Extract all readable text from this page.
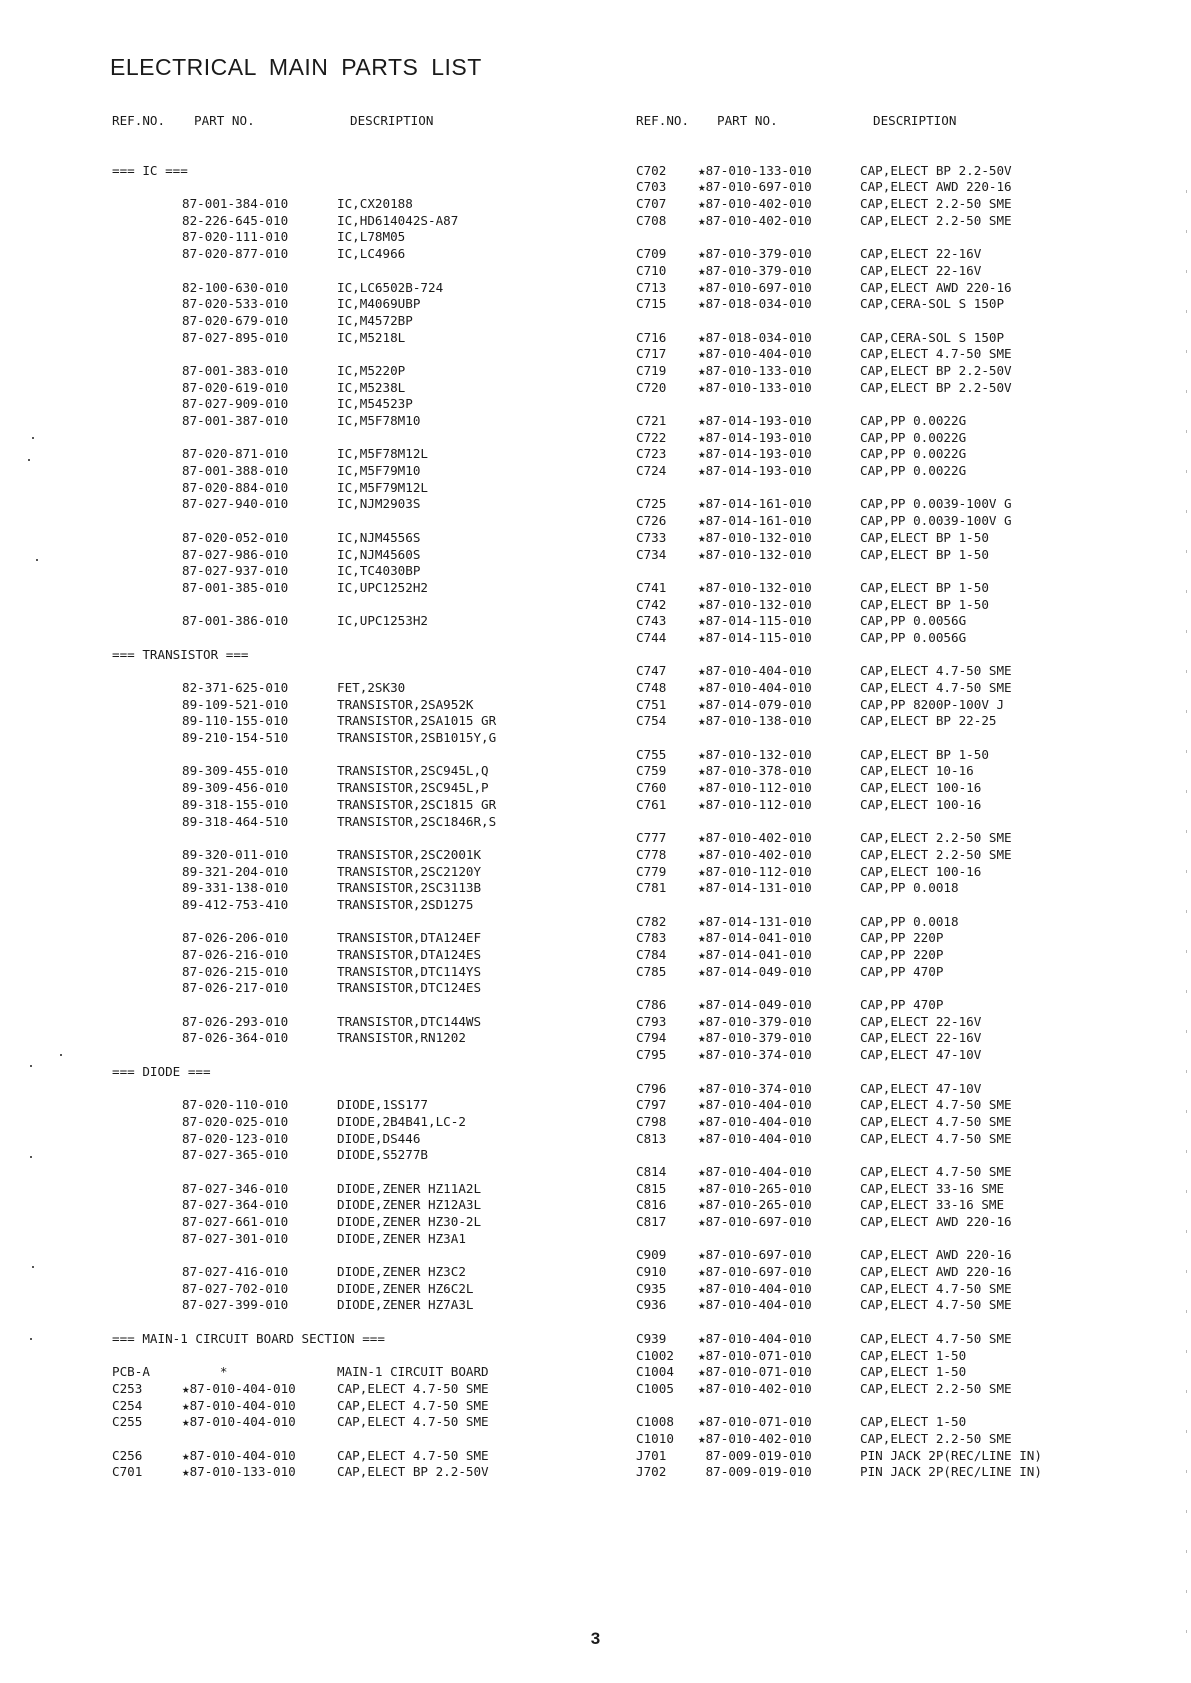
ELECTRICAL MAIN PARTS LIST
REF.NO. PART NO.	DESCRIPTION
=== IC ===
87-001-384-010	IC,CX20188
82-226-645-010	IC,HD614042S-A87
87-020-111-010	IC,L78M05
87-020-877-010	IC,LC4966
82-100-630-010	IC,LC6502B-724
87-020-533-010	IC,M4069UBP
87-020-679-010	IC,M4572BP
87-027-895-010	IC,M5218L
87-001-383-010	IC,M5220P
87-020-619-010	IC,M5238L
87-027-909-010	IC,M54523P
87-001-387-010	IC,M5F78M10
87-020-871-010	IC,M5F78M12L
87-001-388-010	IC,M5F79M10
87-020-884-010	IC,M5F79M12L
87-027-940-010	IC,NJM2903S
87-020-052-010	IC,NJM4556S
87-027-986-010	IC,NJM4560S
87-027-937-010	IC,TC4030BP
87-001-385-010	IC,UPC1252H2
87-001-386-010	IC,UPC1253H2
=== TRANSISTOR ===
82-371-625-010	FET,2SK30
89-109-521-010	TRANSISTOR,2SA952K
89-110-155-010	TRANSISTOR,2SA1015 GR
89-210-154-510	TRANSISTOR,2SB1015Y,G
89-309-455-010	TRANSISTOR,2SC945L,Q
89-309-456-010	TRANSISTOR,2SC945L,P
89-318-155-010	TRANSISTOR,2SC1815 GR
89-318-464-510	TRANSISTOR,2SC1846R,S
89-320-011-010	TRANSISTOR,2SC2001K
89-321-204-010	TRANSISTOR,2SC2120Y
89-331-138-010	TRANSISTOR,2SC3113B
89-412-753-410	TRANSISTOR,2SD1275
87-026-206-010	TRANSISTOR,DTA124EF
87-026-216-010	TRANSISTOR,DTA124ES
87-026-215-010	TRANSISTOR,DTC114YS
87-026-217-010	TRANSISTOR,DTC124ES
87-026-293-010	TRANSISTOR,DTC144WS
87-026-364-010	TRANSISTOR,RN1202
=== DIODE ===
87-020-110-010	DIODE,1SS177
87-020-025-010	DIODE,2B4B41,LC-2
87-020-123-010	DIODE,DS446
87-027-365-010	DIODE,S5277B
87-027-346-010	DIODE,ZENER HZ11A2L
87-027-364-010	DIODE,ZENER HZ12A3L
87-027-661-010	DIODE,ZENER HZ30-2L
87-027-301-010	DIODE,ZENER HZ3A1
87-027-416-010	DIODE,ZENER HZ3C2
87-027-702-010	DIODE,ZENER HZ6C2L
87-027-399-010	DIODE,ZENER HZ7A3L
=== MAIN-1 CIRCUIT BOARD SECTION ===
PCB-A	*	MAIN-1 CIRCUIT BOARD
C253	★87-010-404-010	CAP,ELECT 4.7-50 SME
C254	★87-010-404-010	CAP,ELECT 4.7-50 SME
C255	★87-010-404-010	CAP,ELECT 4.7-50 SME
C256	★87-010-404-010	CAP,ELECT 4.7-50 SME
C701	★87-010-133-010	CAP,ELECT BP 2.2-50V
REF.NO. PART NO.	DESCRIPTION
C702	★87-010-133-010	CAP,ELECT BP 2.2-50V
C703	★87-010-697-010	CAP,ELECT AWD 220-16
C707	★87-010-402-010	CAP,ELECT 2.2-50 SME
C708	★87-010-402-010	CAP,ELECT 2.2-50 SME
C709	★87-010-379-010	CAP,ELECT 22-16V
C710	★87-010-379-010	CAP,ELECT 22-16V
C713	★87-010-697-010	CAP,ELECT AWD 220-16
C715	★87-018-034-010	CAP,CERA-SOL S 150P
C716	★87-018-034-010	CAP,CERA-SOL S 150P
C717	★87-010-404-010	CAP,ELECT 4.7-50 SME
C719	★87-010-133-010	CAP,ELECT BP 2.2-50V
C720	★87-010-133-010	CAP,ELECT BP 2.2-50V
C721	★87-014-193-010	CAP,PP 0.0022G
C722	★87-014-193-010	CAP,PP 0.0022G
C723	★87-014-193-010	CAP,PP 0.0022G
C724	★87-014-193-010	CAP,PP 0.0022G
C725	★87-014-161-010	CAP,PP 0.0039-100V G
C726	★87-014-161-010	CAP,PP 0.0039-100V G
C733	★87-010-132-010	CAP,ELECT BP 1-50
C734	★87-010-132-010	CAP,ELECT BP 1-50
C741	★87-010-132-010	CAP,ELECT BP 1-50
C742	★87-010-132-010	CAP,ELECT BP 1-50
C743	★87-014-115-010	CAP,PP 0.0056G
C744	★87-014-115-010	CAP,PP 0.0056G
C747	★87-010-404-010	CAP,ELECT 4.7-50 SME
C748	★87-010-404-010	CAP,ELECT 4.7-50 SME
C751	★87-014-079-010	CAP,PP 8200P-100V J
C754	★87-010-138-010	CAP,ELECT BP 22-25
C755	★87-010-132-010	CAP,ELECT BP 1-50
C759	★87-010-378-010	CAP,ELECT 10-16
C760	★87-010-112-010	CAP,ELECT 100-16
C761	★87-010-112-010	CAP,ELECT 100-16
C777	★87-010-402-010	CAP,ELECT 2.2-50 SME
C778	★87-010-402-010	CAP,ELECT 2.2-50 SME
C779	★87-010-112-010	CAP,ELECT 100-16
C781	★87-014-131-010	CAP,PP 0.0018
C782	★87-014-131-010	CAP,PP 0.0018
C783	★87-014-041-010	CAP,PP 220P
C784	★87-014-041-010	CAP,PP 220P
C785	★87-014-049-010	CAP,PP 470P
C786	★87-014-049-010	CAP,PP 470P
C793	★87-010-379-010	CAP,ELECT 22-16V
C794	★87-010-379-010	CAP,ELECT 22-16V
C795	★87-010-374-010	CAP,ELECT 47-10V
C796	★87-010-374-010	CAP,ELECT 47-10V
C797	★87-010-404-010	CAP,ELECT 4.7-50 SME
C798	★87-010-404-010	CAP,ELECT 4.7-50 SME
C813	★87-010-404-010	CAP,ELECT 4.7-50 SME
C814	★87-010-404-010	CAP,ELECT 4.7-50 SME
C815	★87-010-265-010	CAP,ELECT 33-16 SME
C816	★87-010-265-010	CAP,ELECT 33-16 SME
C817	★87-010-697-010	CAP,ELECT AWD 220-16
C909	★87-010-697-010	CAP,ELECT AWD 220-16
C910	★87-010-697-010	CAP,ELECT AWD 220-16
C935	★87-010-404-010	CAP,ELECT 4.7-50 SME
C936	★87-010-404-010	CAP,ELECT 4.7-50 SME
C939	★87-010-404-010	CAP,ELECT 4.7-50 SME
C1002 ★87-010-071-010	CAP,ELECT 1-50
C1004 ★87-010-071-010	CAP,ELECT 1-50
C1005 ★87-010-402-010	CAP,ELECT 2.2-50 SME
C1008 ★87-010-071-010	CAP,ELECT 1-50
C1010 ★87-010-402-010	CAP,ELECT 2.2-50 SME
J701	87-009-019-010	PIN JACK 2P(REC/LINE IN)
J702	87-009-019-010	PIN JACK 2P(REC/LINE IN)
3
